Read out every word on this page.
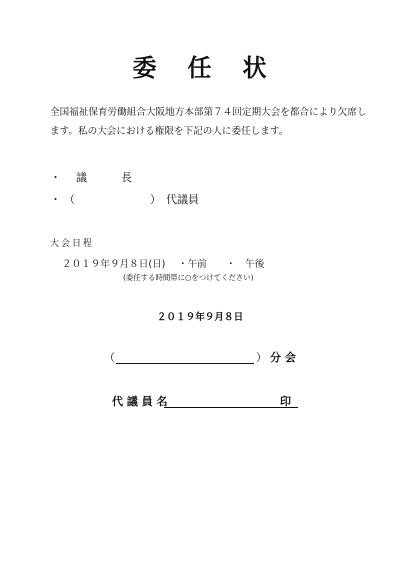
委 任 状
全国福祉保育労働組合大阪地方本部第７４回定期大会を都合により欠席し
ます。私の大会における権限を下記の人に委任します。
・ 議　　長
・ （	） 代議員
大会日程
２０１９年９月８日(日) ・午前 ・　午後
(委任する時間帯に○をつけてください)
２０１９年９月８日
（	） 分 会
代 議 員 名	印
